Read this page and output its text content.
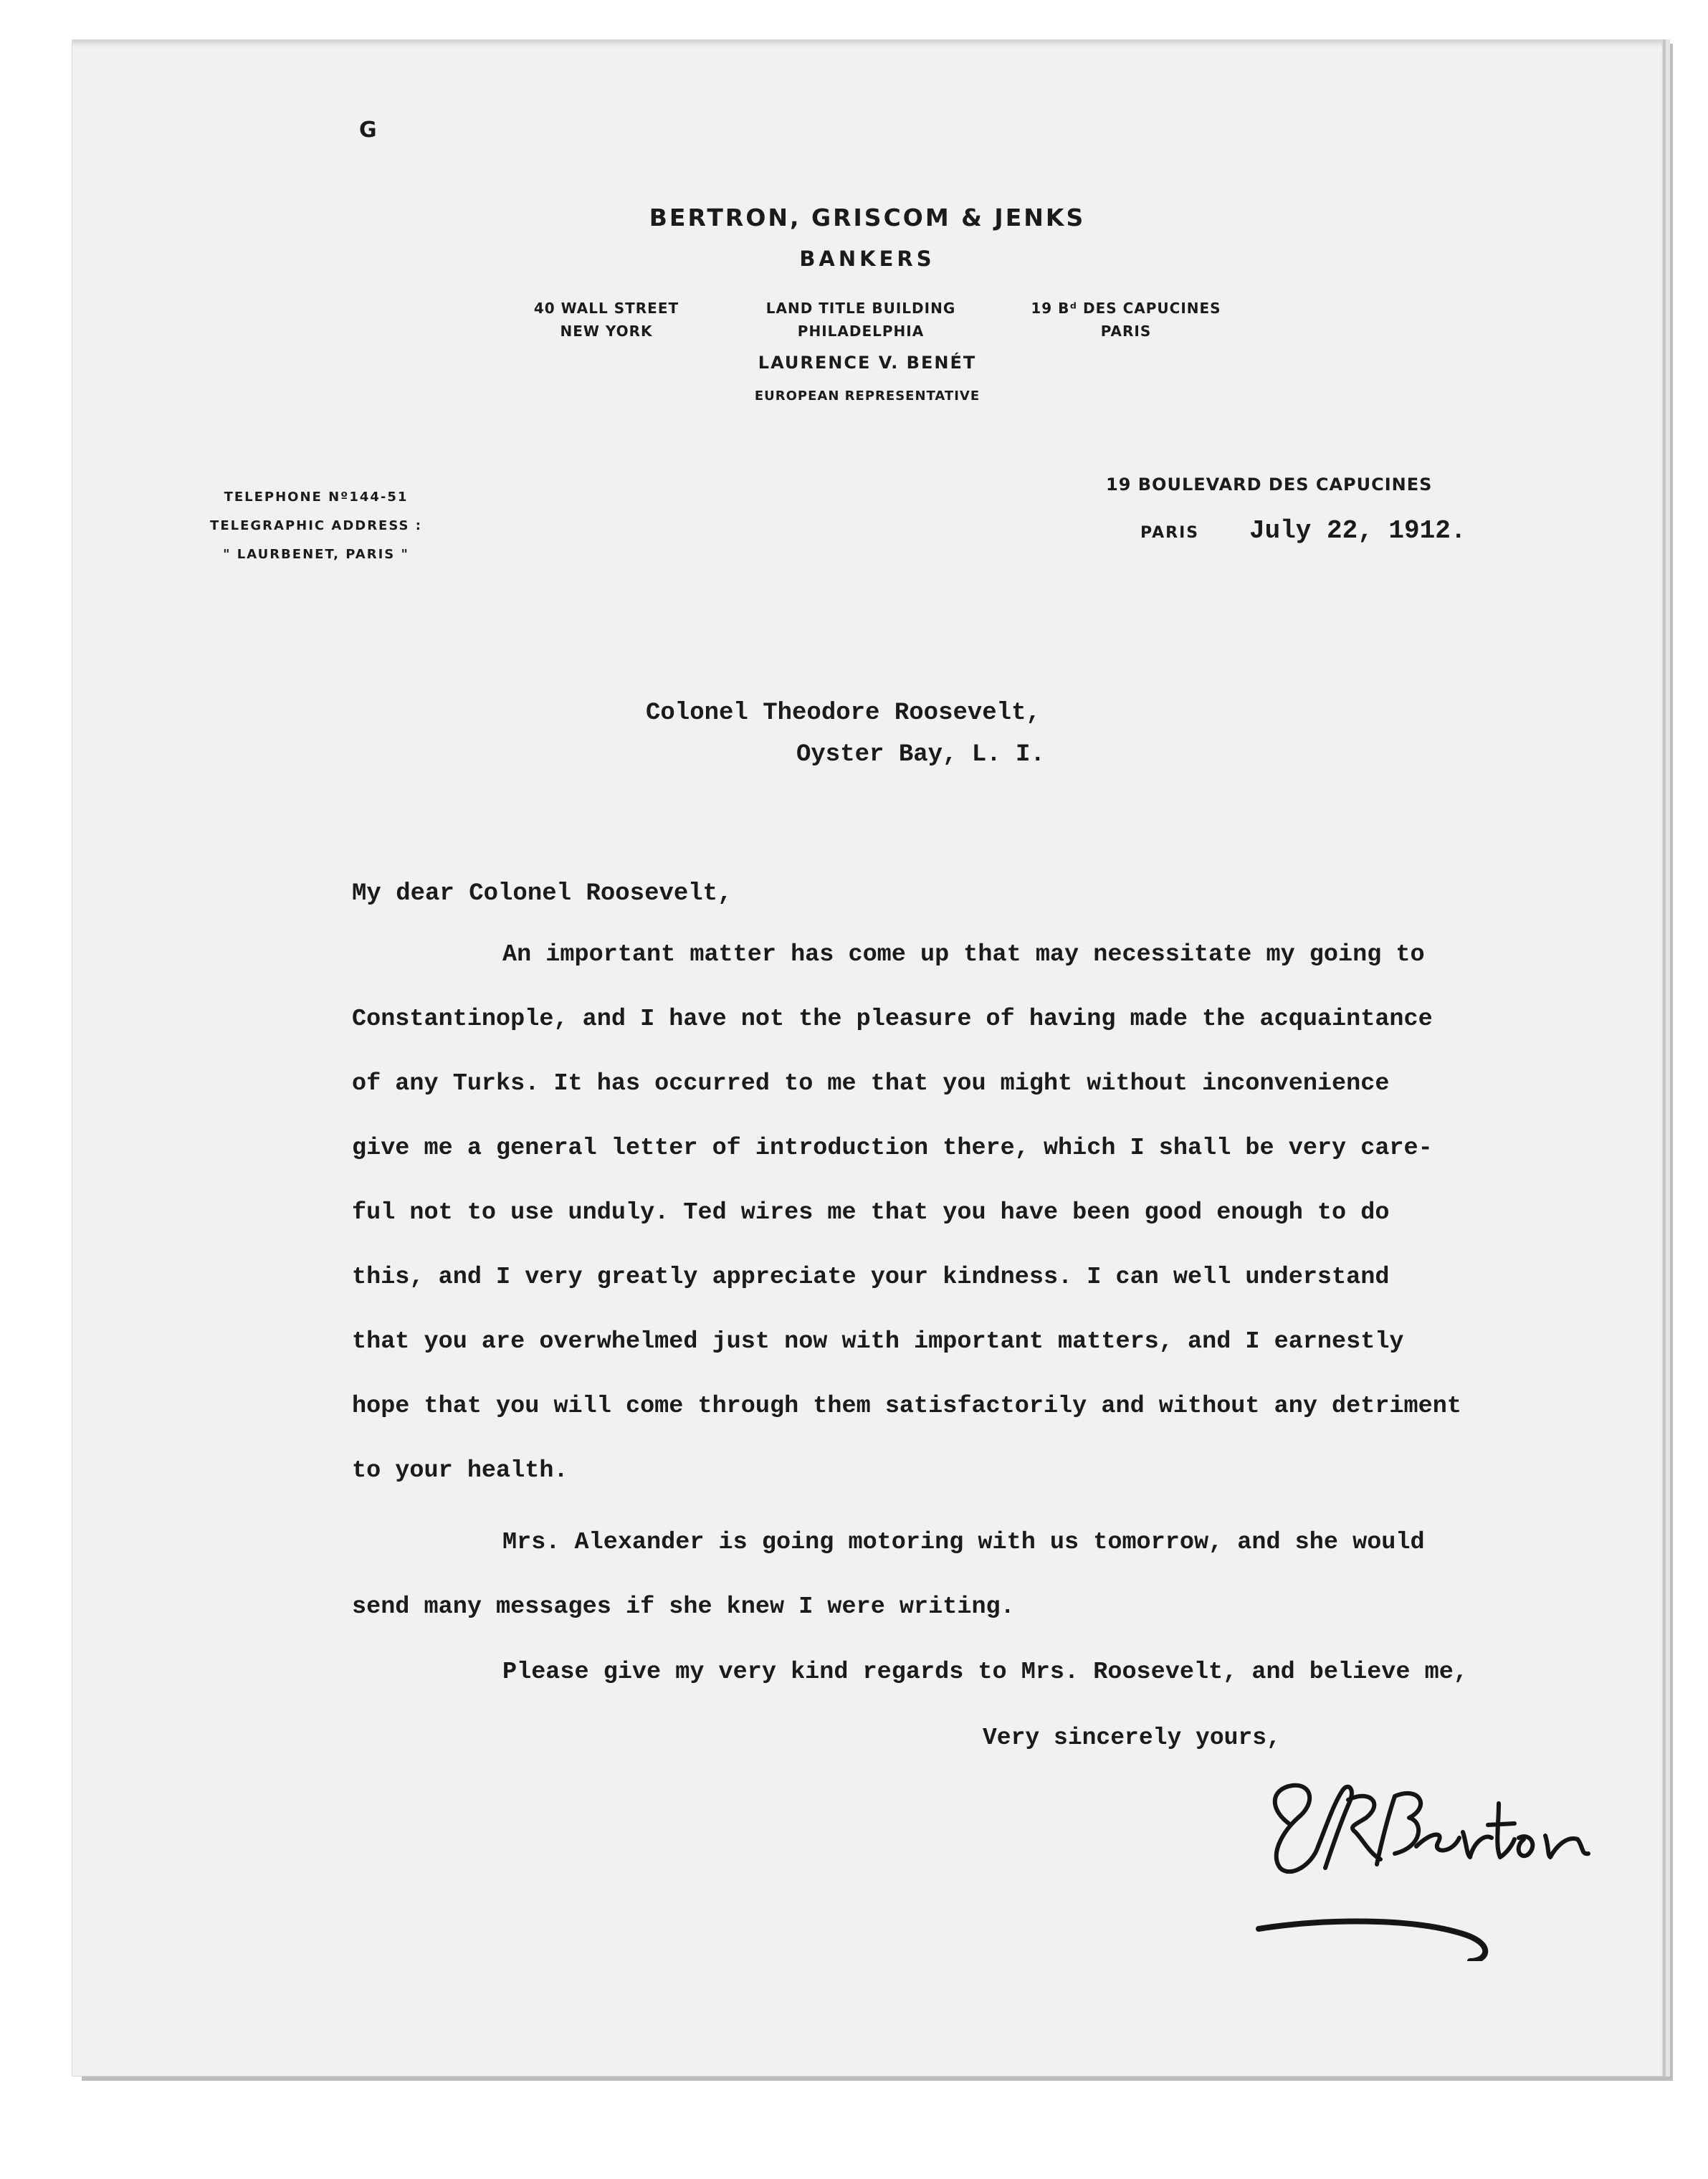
G
BERTRON, GRISCOM & JENKS
BANKERS
40 WALL STREET
NEW YORK
LAND TITLE BUILDING
PHILADELPHIA
19 Bᵈ DES CAPUCINES
PARIS
LAURENCE V. BENÉT
EUROPEAN REPRESENTATIVE
TELEPHONE Nº144-51
TELEGRAPHIC ADDRESS :
" LAURBENET, PARIS "
19 BOULEVARD DES CAPUCINES
PARIS July 22, 1912.
Colonel Theodore Roosevelt,
Oyster Bay, L. I.
My dear Colonel Roosevelt,
An important matter has come up that may necessitate my going to
Constantinople, and I have not the pleasure of having made the acquaintance
of any Turks. It has occurred to me that you might without inconvenience
give me a general letter of introduction there, which I shall be very care-
ful not to use unduly. Ted wires me that you have been good enough to do
this, and I very greatly appreciate your kindness. I can well understand
that you are overwhelmed just now with important matters, and I earnestly
hope that you will come through them satisfactorily and without any detriment
to your health.
Mrs. Alexander is going motoring with us tomorrow, and she would
send many messages if she knew I were writing.
Please give my very kind regards to Mrs. Roosevelt, and believe me,
Very sincerely yours,
